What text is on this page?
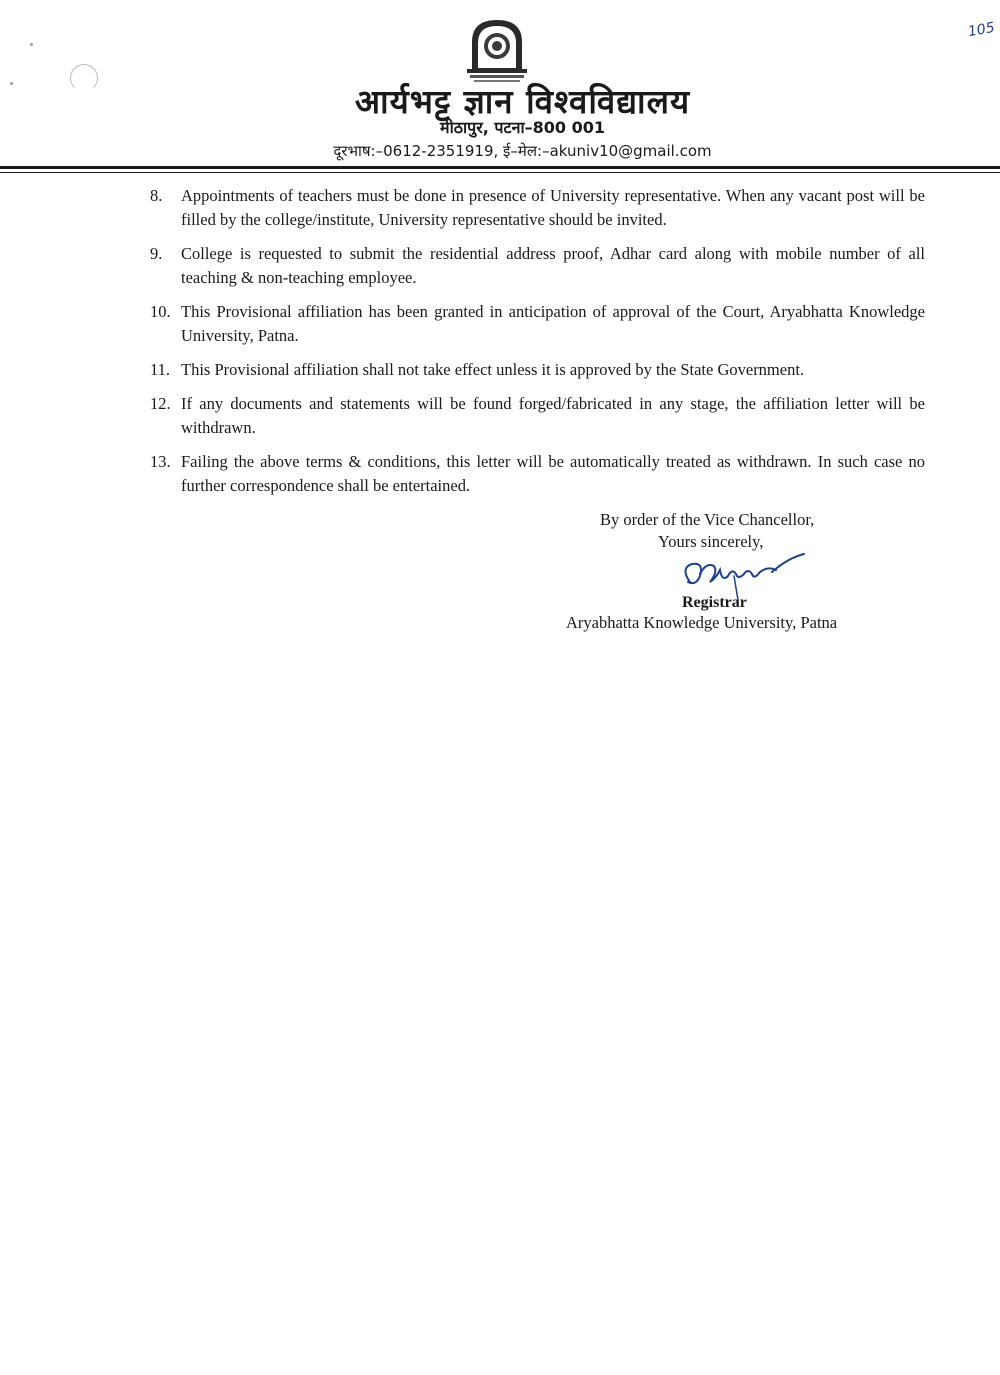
105
आर्यभट्ट ज्ञान विश्वविद्यालय
मीठापुर, पटना–800 001
दूरभाष:–0612-2351919, ई–मेल:–akuniv10@gmail.com
8.	Appointments of teachers must be done in presence of University representative. When any vacant post will be filled by the college/institute, University representative should be invited.
9.	College is requested to submit the residential address proof, Adhar card along with mobile number of all teaching & non-teaching employee.
10. This Provisional affiliation has been granted in anticipation of approval of the Court, Aryabhatta Knowledge University, Patna.
11. This Provisional affiliation shall not take effect unless it is approved by the State Government.
12. If any documents and statements will be found forged/fabricated in any stage, the affiliation letter will be withdrawn.
13. Failing the above terms & conditions, this letter will be automatically treated as withdrawn. In such case no further correspondence shall be entertained.
By order of the Vice Chancellor,
Yours sincerely,
Registrar
Aryabhatta Knowledge University, Patna
